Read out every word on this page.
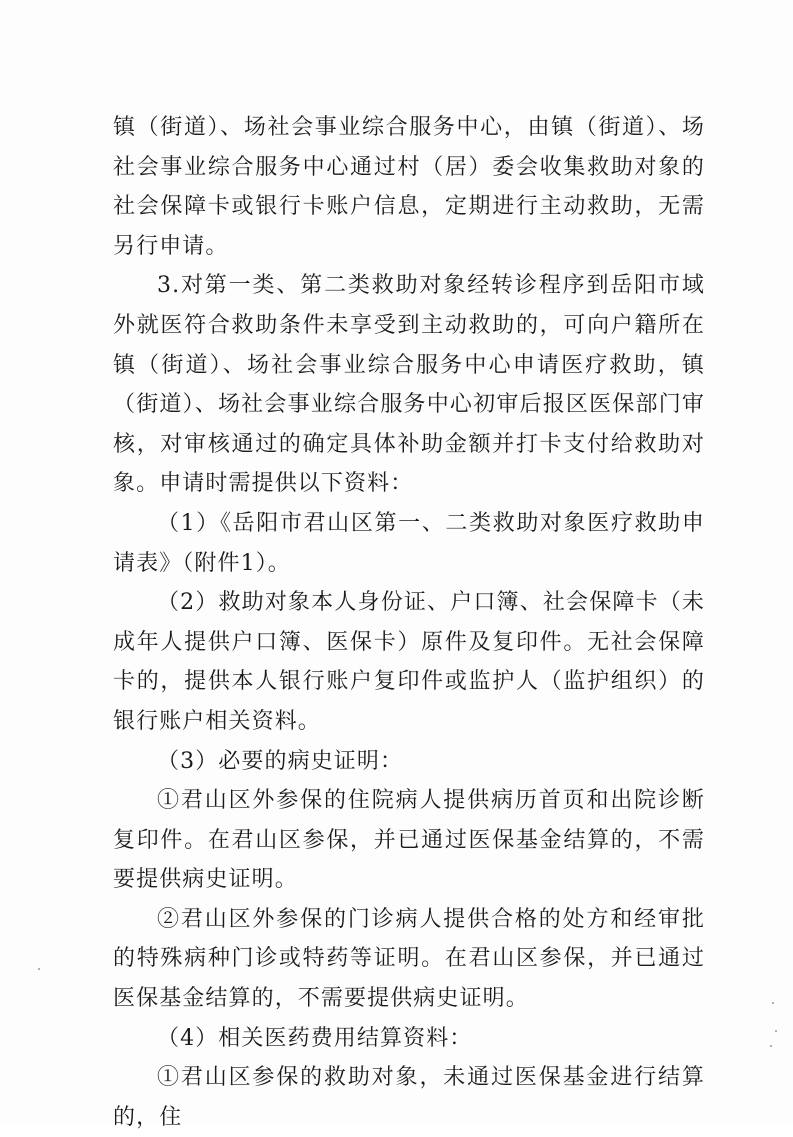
镇（街道）、场社会事业综合服务中心，由镇（街道）、场社会事业综合服务中心通过村（居）委会收集救助对象的社会保障卡或银行卡账户信息，定期进行主动救助，无需另行申请。

3.对第一类、第二类救助对象经转诊程序到岳阳市域外就医符合救助条件未享受到主动救助的，可向户籍所在镇（街道）、场社会事业综合服务中心申请医疗救助，镇（街道）、场社会事业综合服务中心初审后报区医保部门审核，对审核通过的确定具体补助金额并打卡支付给救助对象。申请时需提供以下资料：

（1）《岳阳市君山区第一、二类救助对象医疗救助申请表》（附件1）。

（2）救助对象本人身份证、户口簿、社会保障卡（未成年人提供户口簿、医保卡）原件及复印件。无社会保障卡的，提供本人银行账户复印件或监护人（监护组织）的银行账户相关资料。

（3）必要的病史证明：

①君山区外参保的住院病人提供病历首页和出院诊断复印件。在君山区参保，并已通过医保基金结算的，不需要提供病史证明。

②君山区外参保的门诊病人提供合格的处方和经审批的特殊病种门诊或特药等证明。在君山区参保，并已通过医保基金结算的，不需要提供病史证明。

（4）相关医药费用结算资料：

①君山区参保的救助对象，未通过医保基金进行结算的，住
